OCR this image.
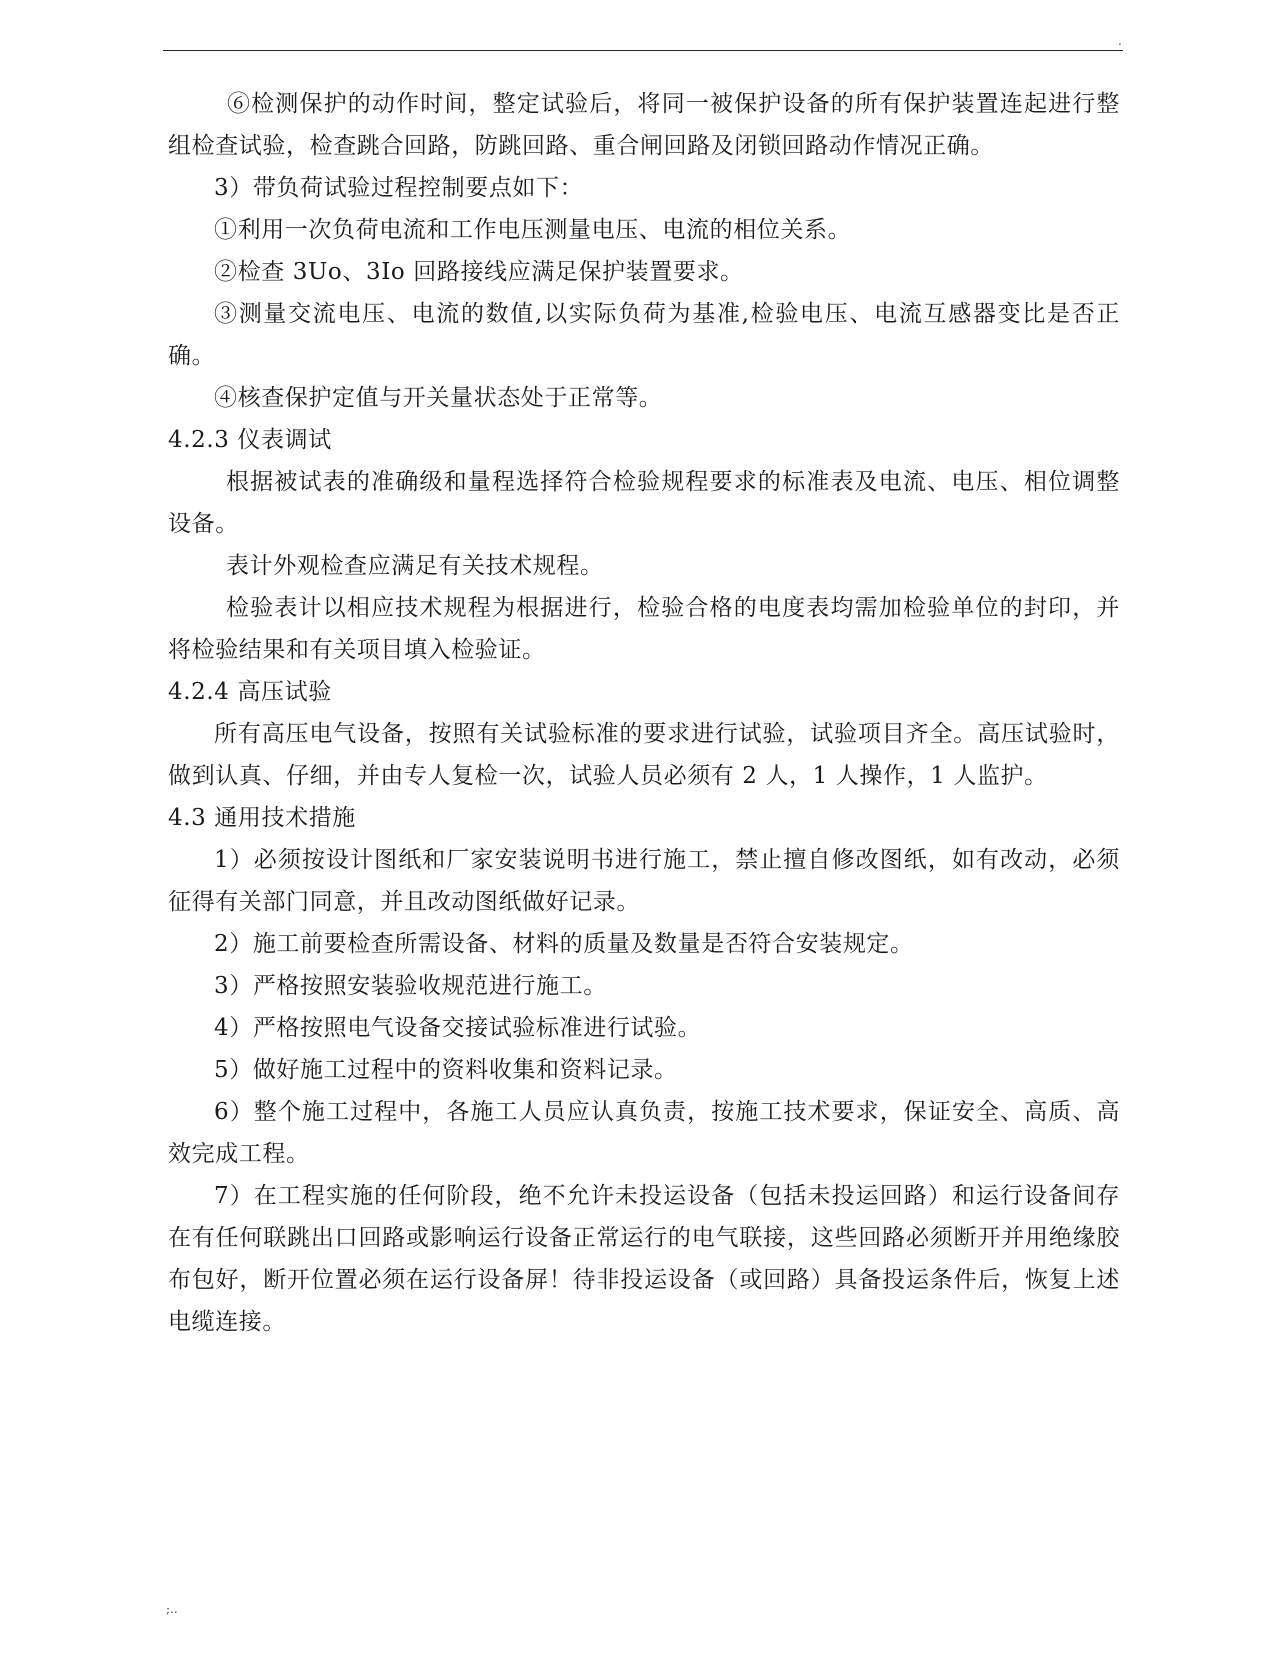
.

⑥检测保护的动作时间，整定试验后，将同一被保护设备的所有保护装置连起进行整组检查试验，检查跳合回路，防跳回路、重合闸回路及闭锁回路动作情况正确。

3）带负荷试验过程控制要点如下：

①利用一次负荷电流和工作电压测量电压、电流的相位关系。

②检查 3Uo、3Io 回路接线应满足保护装置要求。

③测量交流电压、电流的数值,以实际负荷为基准,检验电压、电流互感器变比是否正确。

④核查保护定值与开关量状态处于正常等。

4.2.3 仪表调试

根据被试表的准确级和量程选择符合检验规程要求的标准表及电流、电压、相位调整设备。

表计外观检查应满足有关技术规程。

检验表计以相应技术规程为根据进行，检验合格的电度表均需加检验单位的封印，并将检验结果和有关项目填入检验证。

4.2.4 高压试验

所有高压电气设备，按照有关试验标准的要求进行试验，试验项目齐全。高压试验时，做到认真、仔细，并由专人复检一次，试验人员必须有 2 人，1 人操作，1 人监护。

4.3 通用技术措施

1）必须按设计图纸和厂家安装说明书进行施工，禁止擅自修改图纸，如有改动，必须征得有关部门同意，并且改动图纸做好记录。

2）施工前要检查所需设备、材料的质量及数量是否符合安装规定。

3）严格按照安装验收规范进行施工。

4）严格按照电气设备交接试验标准进行试验。

5）做好施工过程中的资料收集和资料记录。

6）整个施工过程中，各施工人员应认真负责，按施工技术要求，保证安全、高质、高效完成工程。

7）在工程实施的任何阶段，绝不允许未投运设备（包括未投运回路）和运行设备间存在有任何联跳出口回路或影响运行设备正常运行的电气联接，这些回路必须断开并用绝缘胶布包好，断开位置必须在运行设备屏！待非投运设备（或回路）具备投运条件后，恢复上述电缆连接。

;..
